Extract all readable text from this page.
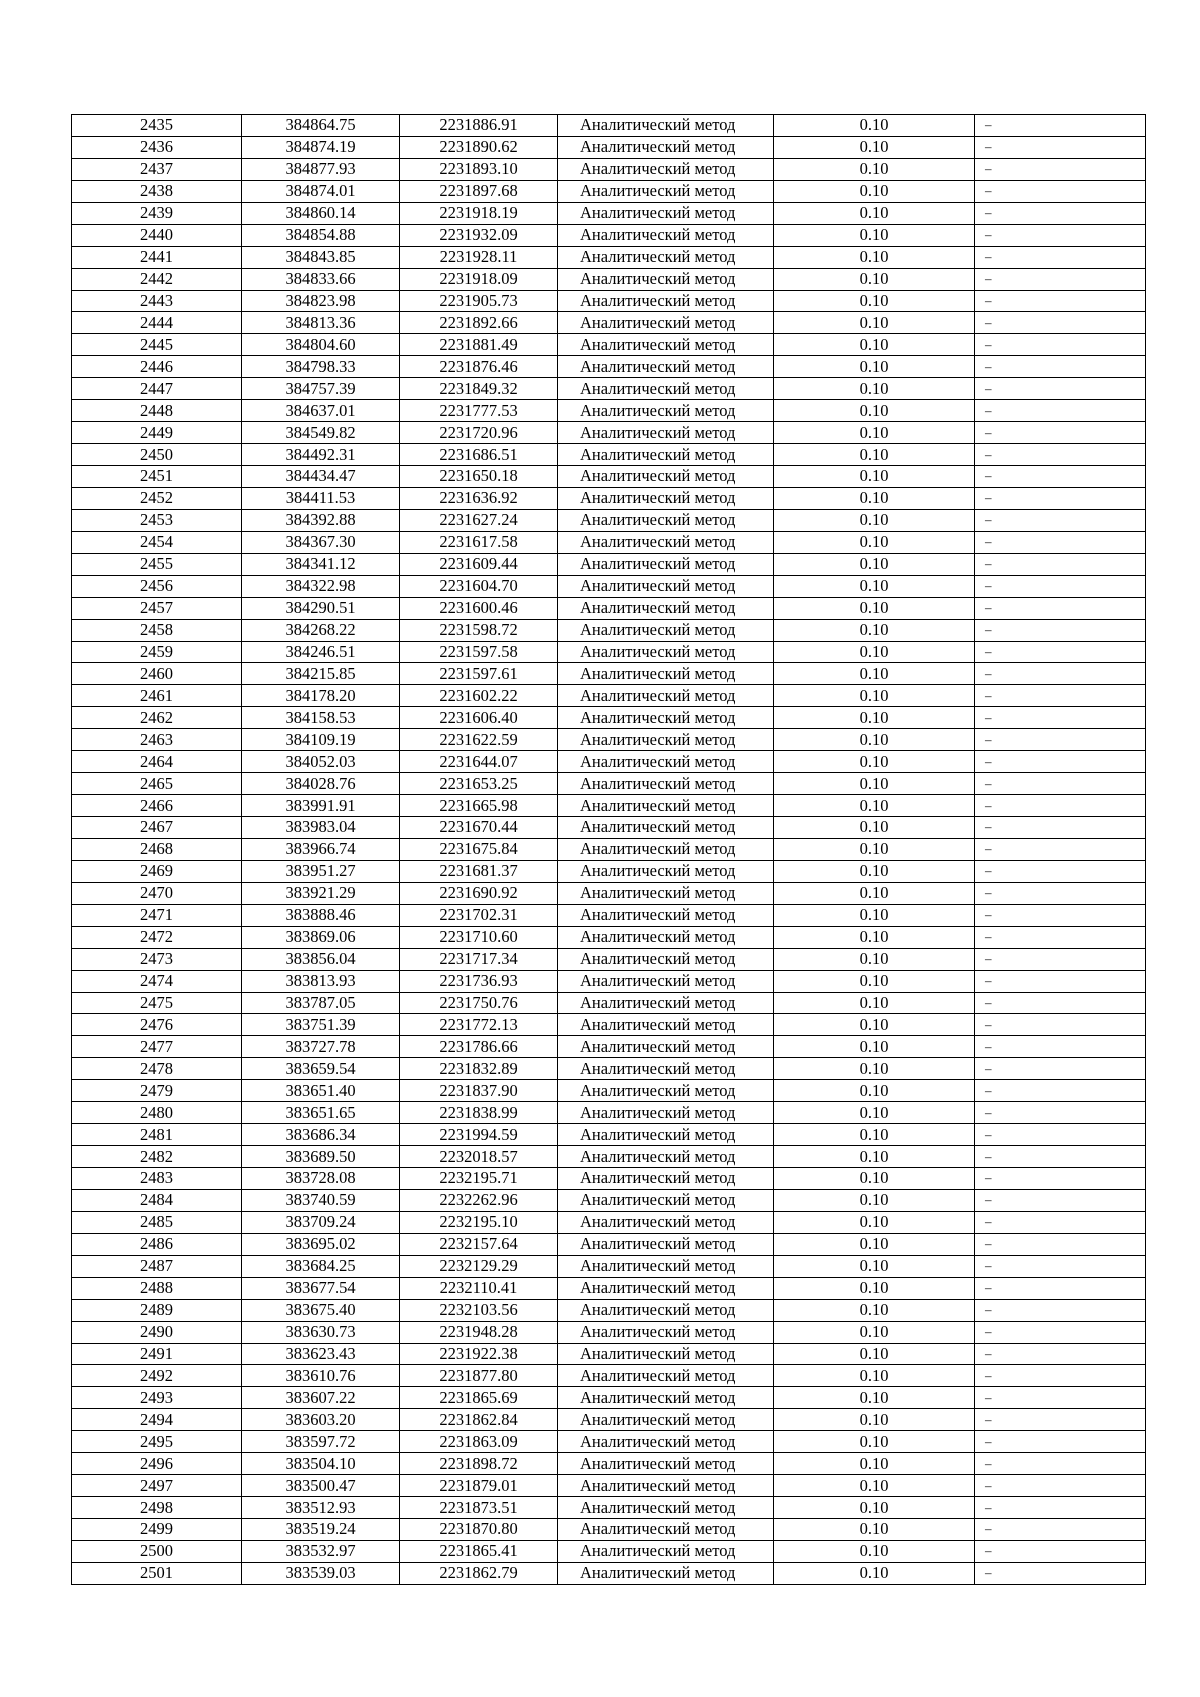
2435	384864.75	2231886.91	Аналитический метод	0.10	–
2436	384874.19	2231890.62	Аналитический метод	0.10	–
2437	384877.93	2231893.10	Аналитический метод	0.10	–
2438	384874.01	2231897.68	Аналитический метод	0.10	–
2439	384860.14	2231918.19	Аналитический метод	0.10	–
2440	384854.88	2231932.09	Аналитический метод	0.10	–
2441	384843.85	2231928.11	Аналитический метод	0.10	–
2442	384833.66	2231918.09	Аналитический метод	0.10	–
2443	384823.98	2231905.73	Аналитический метод	0.10	–
2444	384813.36	2231892.66	Аналитический метод	0.10	–
2445	384804.60	2231881.49	Аналитический метод	0.10	–
2446	384798.33	2231876.46	Аналитический метод	0.10	–
2447	384757.39	2231849.32	Аналитический метод	0.10	–
2448	384637.01	2231777.53	Аналитический метод	0.10	–
2449	384549.82	2231720.96	Аналитический метод	0.10	–
2450	384492.31	2231686.51	Аналитический метод	0.10	–
2451	384434.47	2231650.18	Аналитический метод	0.10	–
2452	384411.53	2231636.92	Аналитический метод	0.10	–
2453	384392.88	2231627.24	Аналитический метод	0.10	–
2454	384367.30	2231617.58	Аналитический метод	0.10	–
2455	384341.12	2231609.44	Аналитический метод	0.10	–
2456	384322.98	2231604.70	Аналитический метод	0.10	–
2457	384290.51	2231600.46	Аналитический метод	0.10	–
2458	384268.22	2231598.72	Аналитический метод	0.10	–
2459	384246.51	2231597.58	Аналитический метод	0.10	–
2460	384215.85	2231597.61	Аналитический метод	0.10	–
2461	384178.20	2231602.22	Аналитический метод	0.10	–
2462	384158.53	2231606.40	Аналитический метод	0.10	–
2463	384109.19	2231622.59	Аналитический метод	0.10	–
2464	384052.03	2231644.07	Аналитический метод	0.10	–
2465	384028.76	2231653.25	Аналитический метод	0.10	–
2466	383991.91	2231665.98	Аналитический метод	0.10	–
2467	383983.04	2231670.44	Аналитический метод	0.10	–
2468	383966.74	2231675.84	Аналитический метод	0.10	–
2469	383951.27	2231681.37	Аналитический метод	0.10	–
2470	383921.29	2231690.92	Аналитический метод	0.10	–
2471	383888.46	2231702.31	Аналитический метод	0.10	–
2472	383869.06	2231710.60	Аналитический метод	0.10	–
2473	383856.04	2231717.34	Аналитический метод	0.10	–
2474	383813.93	2231736.93	Аналитический метод	0.10	–
2475	383787.05	2231750.76	Аналитический метод	0.10	–
2476	383751.39	2231772.13	Аналитический метод	0.10	–
2477	383727.78	2231786.66	Аналитический метод	0.10	–
2478	383659.54	2231832.89	Аналитический метод	0.10	–
2479	383651.40	2231837.90	Аналитический метод	0.10	–
2480	383651.65	2231838.99	Аналитический метод	0.10	–
2481	383686.34	2231994.59	Аналитический метод	0.10	–
2482	383689.50	2232018.57	Аналитический метод	0.10	–
2483	383728.08	2232195.71	Аналитический метод	0.10	–
2484	383740.59	2232262.96	Аналитический метод	0.10	–
2485	383709.24	2232195.10	Аналитический метод	0.10	–
2486	383695.02	2232157.64	Аналитический метод	0.10	–
2487	383684.25	2232129.29	Аналитический метод	0.10	–
2488	383677.54	2232110.41	Аналитический метод	0.10	–
2489	383675.40	2232103.56	Аналитический метод	0.10	–
2490	383630.73	2231948.28	Аналитический метод	0.10	–
2491	383623.43	2231922.38	Аналитический метод	0.10	–
2492	383610.76	2231877.80	Аналитический метод	0.10	–
2493	383607.22	2231865.69	Аналитический метод	0.10	–
2494	383603.20	2231862.84	Аналитический метод	0.10	–
2495	383597.72	2231863.09	Аналитический метод	0.10	–
2496	383504.10	2231898.72	Аналитический метод	0.10	–
2497	383500.47	2231879.01	Аналитический метод	0.10	–
2498	383512.93	2231873.51	Аналитический метод	0.10	–
2499	383519.24	2231870.80	Аналитический метод	0.10	–
2500	383532.97	2231865.41	Аналитический метод	0.10	–
2501	383539.03	2231862.79	Аналитический метод	0.10	–
